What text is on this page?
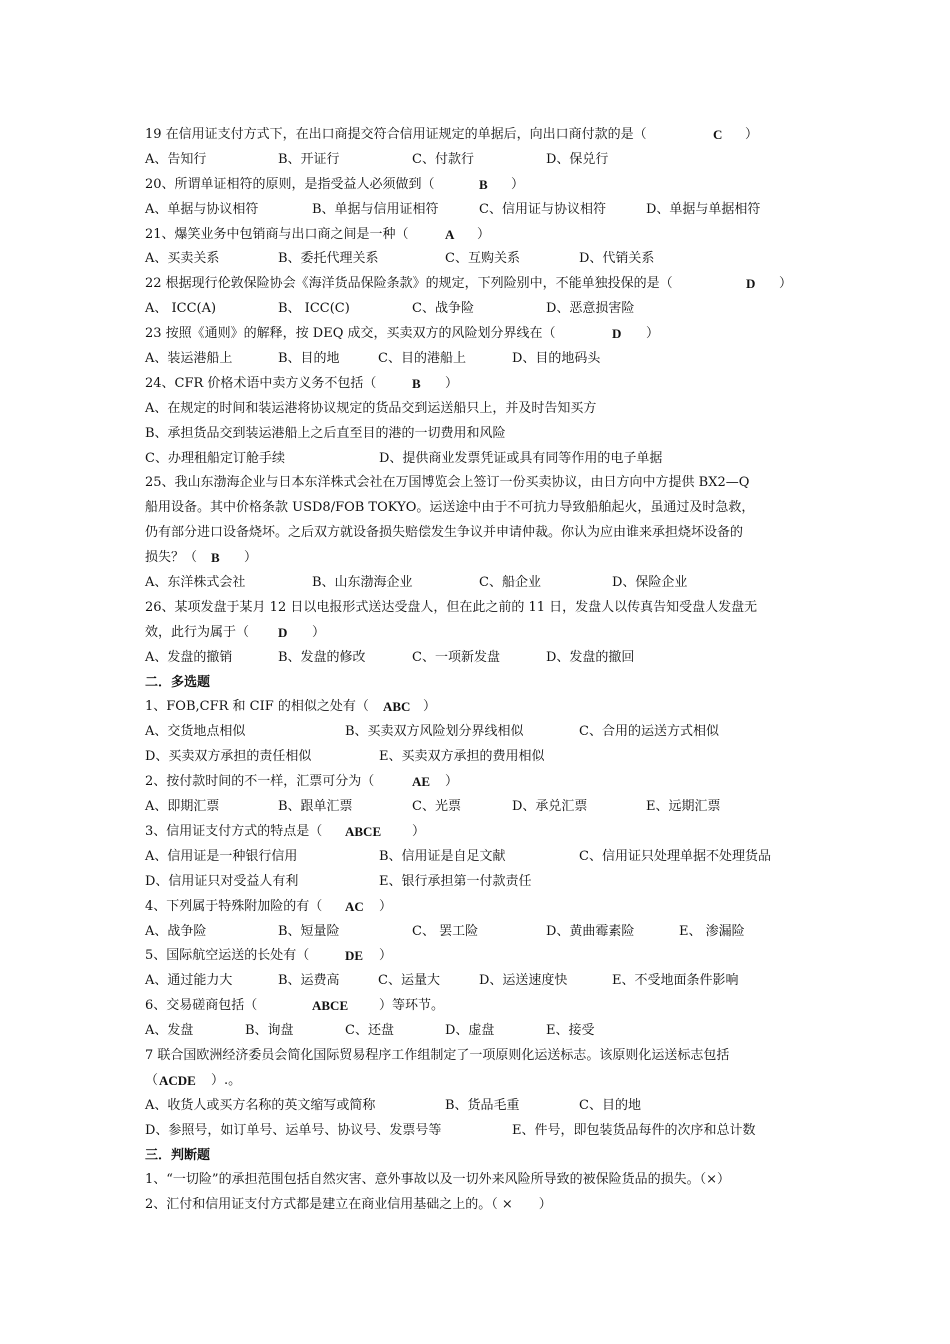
19 在信用证支付方式下，在出口商提交符合信用证规定的单据后，向出口商付款的是（	C ）
A、告知行	B、开证行	C、付款行	D、保兑行
20、所谓单证相符的原则，是指受益人必须做到（	B ）
A、单据与协议相符	B、单据与信用证相符	C、信用证与协议相符	D、单据与单据相符
21、爆笑业务中包销商与出口商之间是一种（	A ）
A、买卖关系	B、委托代理关系	C、互购关系	D、代销关系
22 根据现行伦敦保险协会《海洋货品保险条款》的规定，下列险别中，不能单独投保的是（	D ）
A、 ICC(A)	B、 ICC(C)	C、战争险	D、恶意损害险
23 按照《通则》的解释，按 DEQ 成交，买卖双方的风险划分界线在（	D ）
A、装运港船上	B、目的地	C、目的港船上	D、目的地码头
24、CFR 价格术语中卖方义务不包括（	B ）
A、在规定的时间和装运港将协议规定的货品交到运送船只上，并及时告知买方
B、承担货品交到装运港船上之后直至目的港的一切费用和风险
C、办理租船定订舱手续	D、提供商业发票凭证或具有同等作用的电子单据
25、我山东渤海企业与日本东洋株式会社在万国博览会上签订一份买卖协议，由日方向中方提供 BX2—Q
船用设备。其中价格条款 USD8/FOB TOKYO。运送途中由于不可抗力导致船舶起火，虽通过及时急救，
仍有部分进口设备烧坏。之后双方就设备损失赔偿发生争议并申请仲裁。你认为应由谁来承担烧坏设备的
损失？（ B ）
A、东洋株式会社	B、山东渤海企业	C、船企业	D、保险企业
26、某项发盘于某月 12 日以电报形式送达受盘人，但在此之前的 11 日，发盘人以传真告知受盘人发盘无
效，此行为属于（ D ）
A、发盘的撤销	B、发盘的修改	C、一项新发盘	D、发盘的撤回
二．多选题
1、FOB,CFR 和 CIF 的相似之处有（ ABC ）
A、交货地点相似	B、买卖双方风险划分界线相似	C、合用的运送方式相似
D、买卖双方承担的责任相似	E、买卖双方承担的费用相似
2、按付款时间的不一样，汇票可分为（	AE ）
A、即期汇票	B、跟单汇票	C、光票	D、承兑汇票	E、远期汇票
3、信用证支付方式的特点是（ ABCE ）
A、信用证是一种银行信用	B、信用证是自足文献	C、信用证只处理单据不处理货品
D、信用证只对受益人有利	E、银行承担第一付款责任
4、下列属于特殊附加险的有（ AC ）
A、战争险	B、短量险	C、 罢工险	D、黄曲霉素险	E、 渗漏险
5、国际航空运送的长处有（	DE ）
A、通过能力大	B、运费高	C、运量大	D、运送速度快	E、不受地面条件影响
6、交易磋商包括（	ABCE ）等环节。
A、发盘	B、询盘	C、还盘	D、虚盘	E、接受
7 联合国欧洲经济委员会简化国际贸易程序工作组制定了一项原则化运送标志。该原则化运送标志包括
（ ACDE ）.。
A、收货人或买方名称的英文缩写或简称	B、货品毛重	C、目的地
D、参照号，如订单号、运单号、协议号、发票号等	E、件号，即包装货品每件的次序和总计数
三．判断题
1、“一切险”的承担范围包括自然灾害、意外事故以及一切外来风险所导致的被保险货品的损失。（×）
2、汇付和信用证支付方式都是建立在商业信用基础之上的。（ ×　　）
